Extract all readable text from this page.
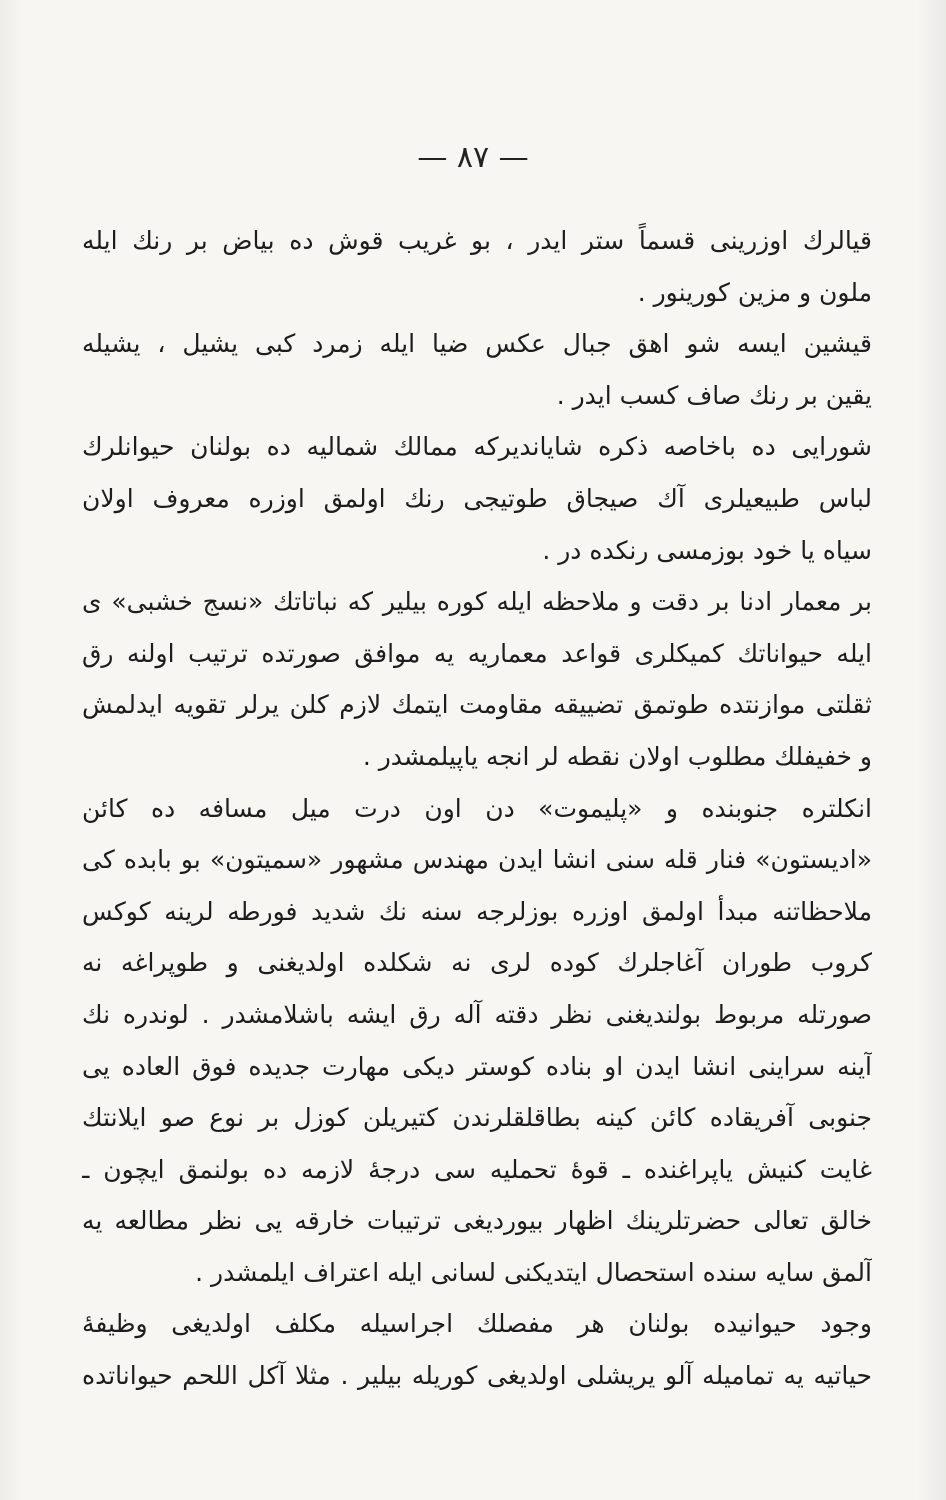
— ۸۷ —
قيالرك اوزرينى قسماً ستر ايدر ، بو غريب قوش ده بياض بر رنك ايله
ملون و مزين كورينور .
قيشين ايسه شو اهق جبال عكس ضيا ايله زمرد كبى يشيل ، يشيله
يقين بر رنك صاف كسب ايدر .
شورايى ده باخاصه ذكره شايانديركه ممالك شماليه ده بولنان حيوانلرك
لباس طبيعيلرى آك صيجاق طوتيجى رنك اولمق اوزره معروف اولان
سياه يا خود بوزمسى رنكده در .
بر معمار ادنا بر دقت و ملاحظه ايله كوره بيلير كه نباتاتك «نسج خشبى» ى
ايله حيواناتك كميكلرى قواعد معماريه يه موافق صورتده ترتيب اولنه رق
ثقلتى موازنتده طوتمق تضييقه مقاومت ايتمك لازم كلن يرلر تقويه ايدلمش
و خفيفلك مطلوب اولان نقطه لر انجه ياپيلمشدر .
انكلتره جنوبنده و «پليموت» دن اون درت ميل مسافه ده كائن
«اديستون» فنار قله سنى انشا ايدن مهندس مشهور «سميتون» بو بابده كى
ملاحظاتنه مبدأ اولمق اوزره بوزلرجه سنه نك شديد فورطه لرينه كوكس
كروب طوران آغاجلرك كوده لرى نه شكلده اولديغنى و طوپراغه نه
صورتله مربوط بولنديغنى نظر دقته آله رق ايشه باشلامشدر . لوندره نك
آينه سراينى انشا ايدن او بناده كوستر ديكى مهارت جديده فوق العاده يى
جنوبى آفريقاده كائن كينه بطاقلقلرندن كتيريلن كوزل بر نوع صو ايلانتك
غايت كنيش ياپراغنده ـ قوهٔ تحمليه سى درجهٔ لازمه ده بولنمق ايچون ـ
خالق تعالى حضرتلرينك اظهار بيورديغى ترتيبات خارقه يى نظر مطالعه يه
آلمق سايه سنده استحصال ايتديكنى لسانى ايله اعتراف ايلمشدر .
وجود حيوانيده بولنان هر مفصلك اجراسيله مكلف اولديغى وظيفهٔ
حياتيه يه تماميله آلو يريشلى اولديغى كوريله بيلير . مثلا آكل اللحم حيواناتده
